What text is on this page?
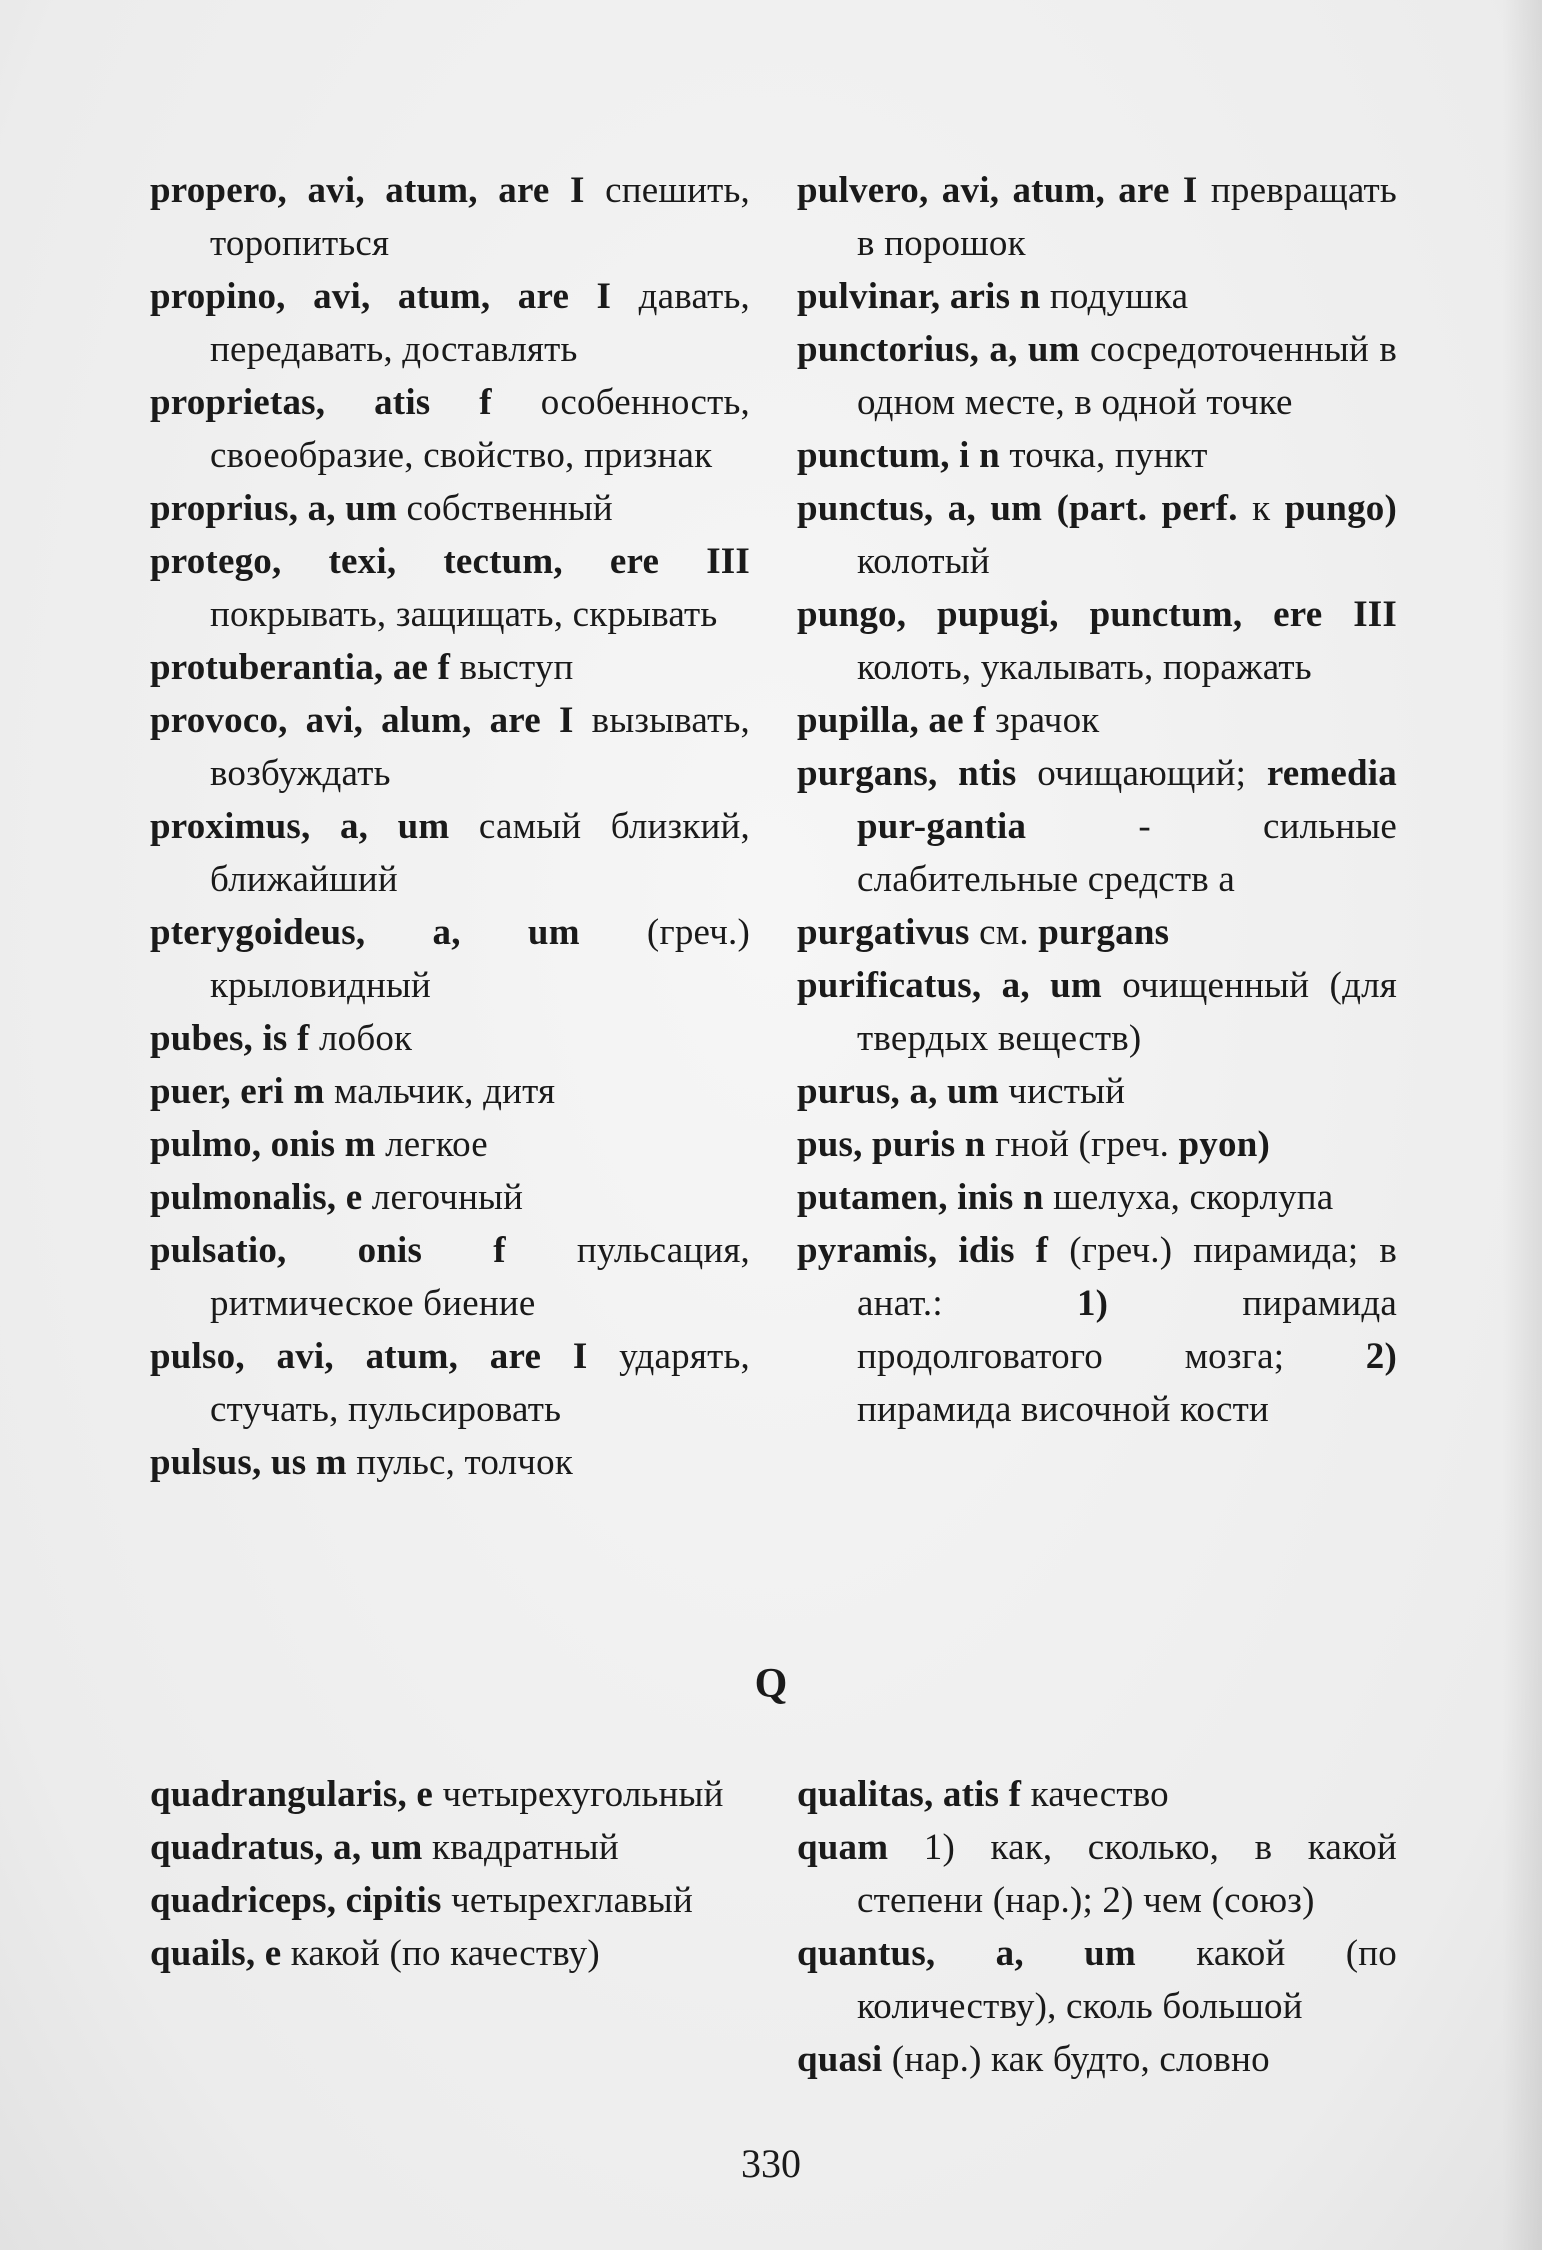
propero, avi, atum, are I спешить, торопиться
propino, avi, atum, are I давать, передавать, доставлять
proprietas, atis f особенность, своеобразие, свойство, признак
proprius, a, um собственный
protego, texi, tectum, ere III покрывать, защищать, скрывать
protuberantia, ae f выступ
provoco, avi, alum, are I вызывать, возбуждать
proximus, a, um самый близкий, ближайший
pterygoideus, a, um (греч.) крыловидный
pubes, is f лобок
puer, eri m мальчик, дитя
pulmo, onis m легкое
pulmonalis, e легочный
pulsatio, onis f пульсация, ритмическое биение
pulso, avi, atum, are I ударять, стучать, пульсировать
pulsus, us m пульс, толчок
pulvero, avi, atum, are I превращать в порошок
pulvinar, aris n подушка
punctorius, a, um сосредоточенный в одном месте, в одной точке
punctum, i n точка, пункт
punctus, a, um (part. perf. к pungo) колотый
pungo, pupugi, punctum, ere III колоть, укалывать, поражать
pupilla, ae f зрачок
purgans, ntis очищающий; remedia pur-gantia - сильные слабительные средств а
purgativus см. purgans
purificatus, a, um очищенный (для твердых веществ)
purus, a, um чистый
pus, puris n гной (греч. pyon)
putamen, inis n шелуха, скорлупа
pyramis, idis f (греч.) пирамида; в анат.: 1) пирамида продолговатого мозга; 2) пирамида височной кости
Q
quadrangularis, e четырехугольный
quadratus, a, um квадратный
quadriceps, cipitis четырехглавый
quails, e какой (по качеству)
qualitas, atis f качество
quam 1) как, сколько, в какой степени (нар.); 2) чем (союз)
quantus, a, um какой (по количеству), сколь большой
quasi (нар.) как будто, словно
330
